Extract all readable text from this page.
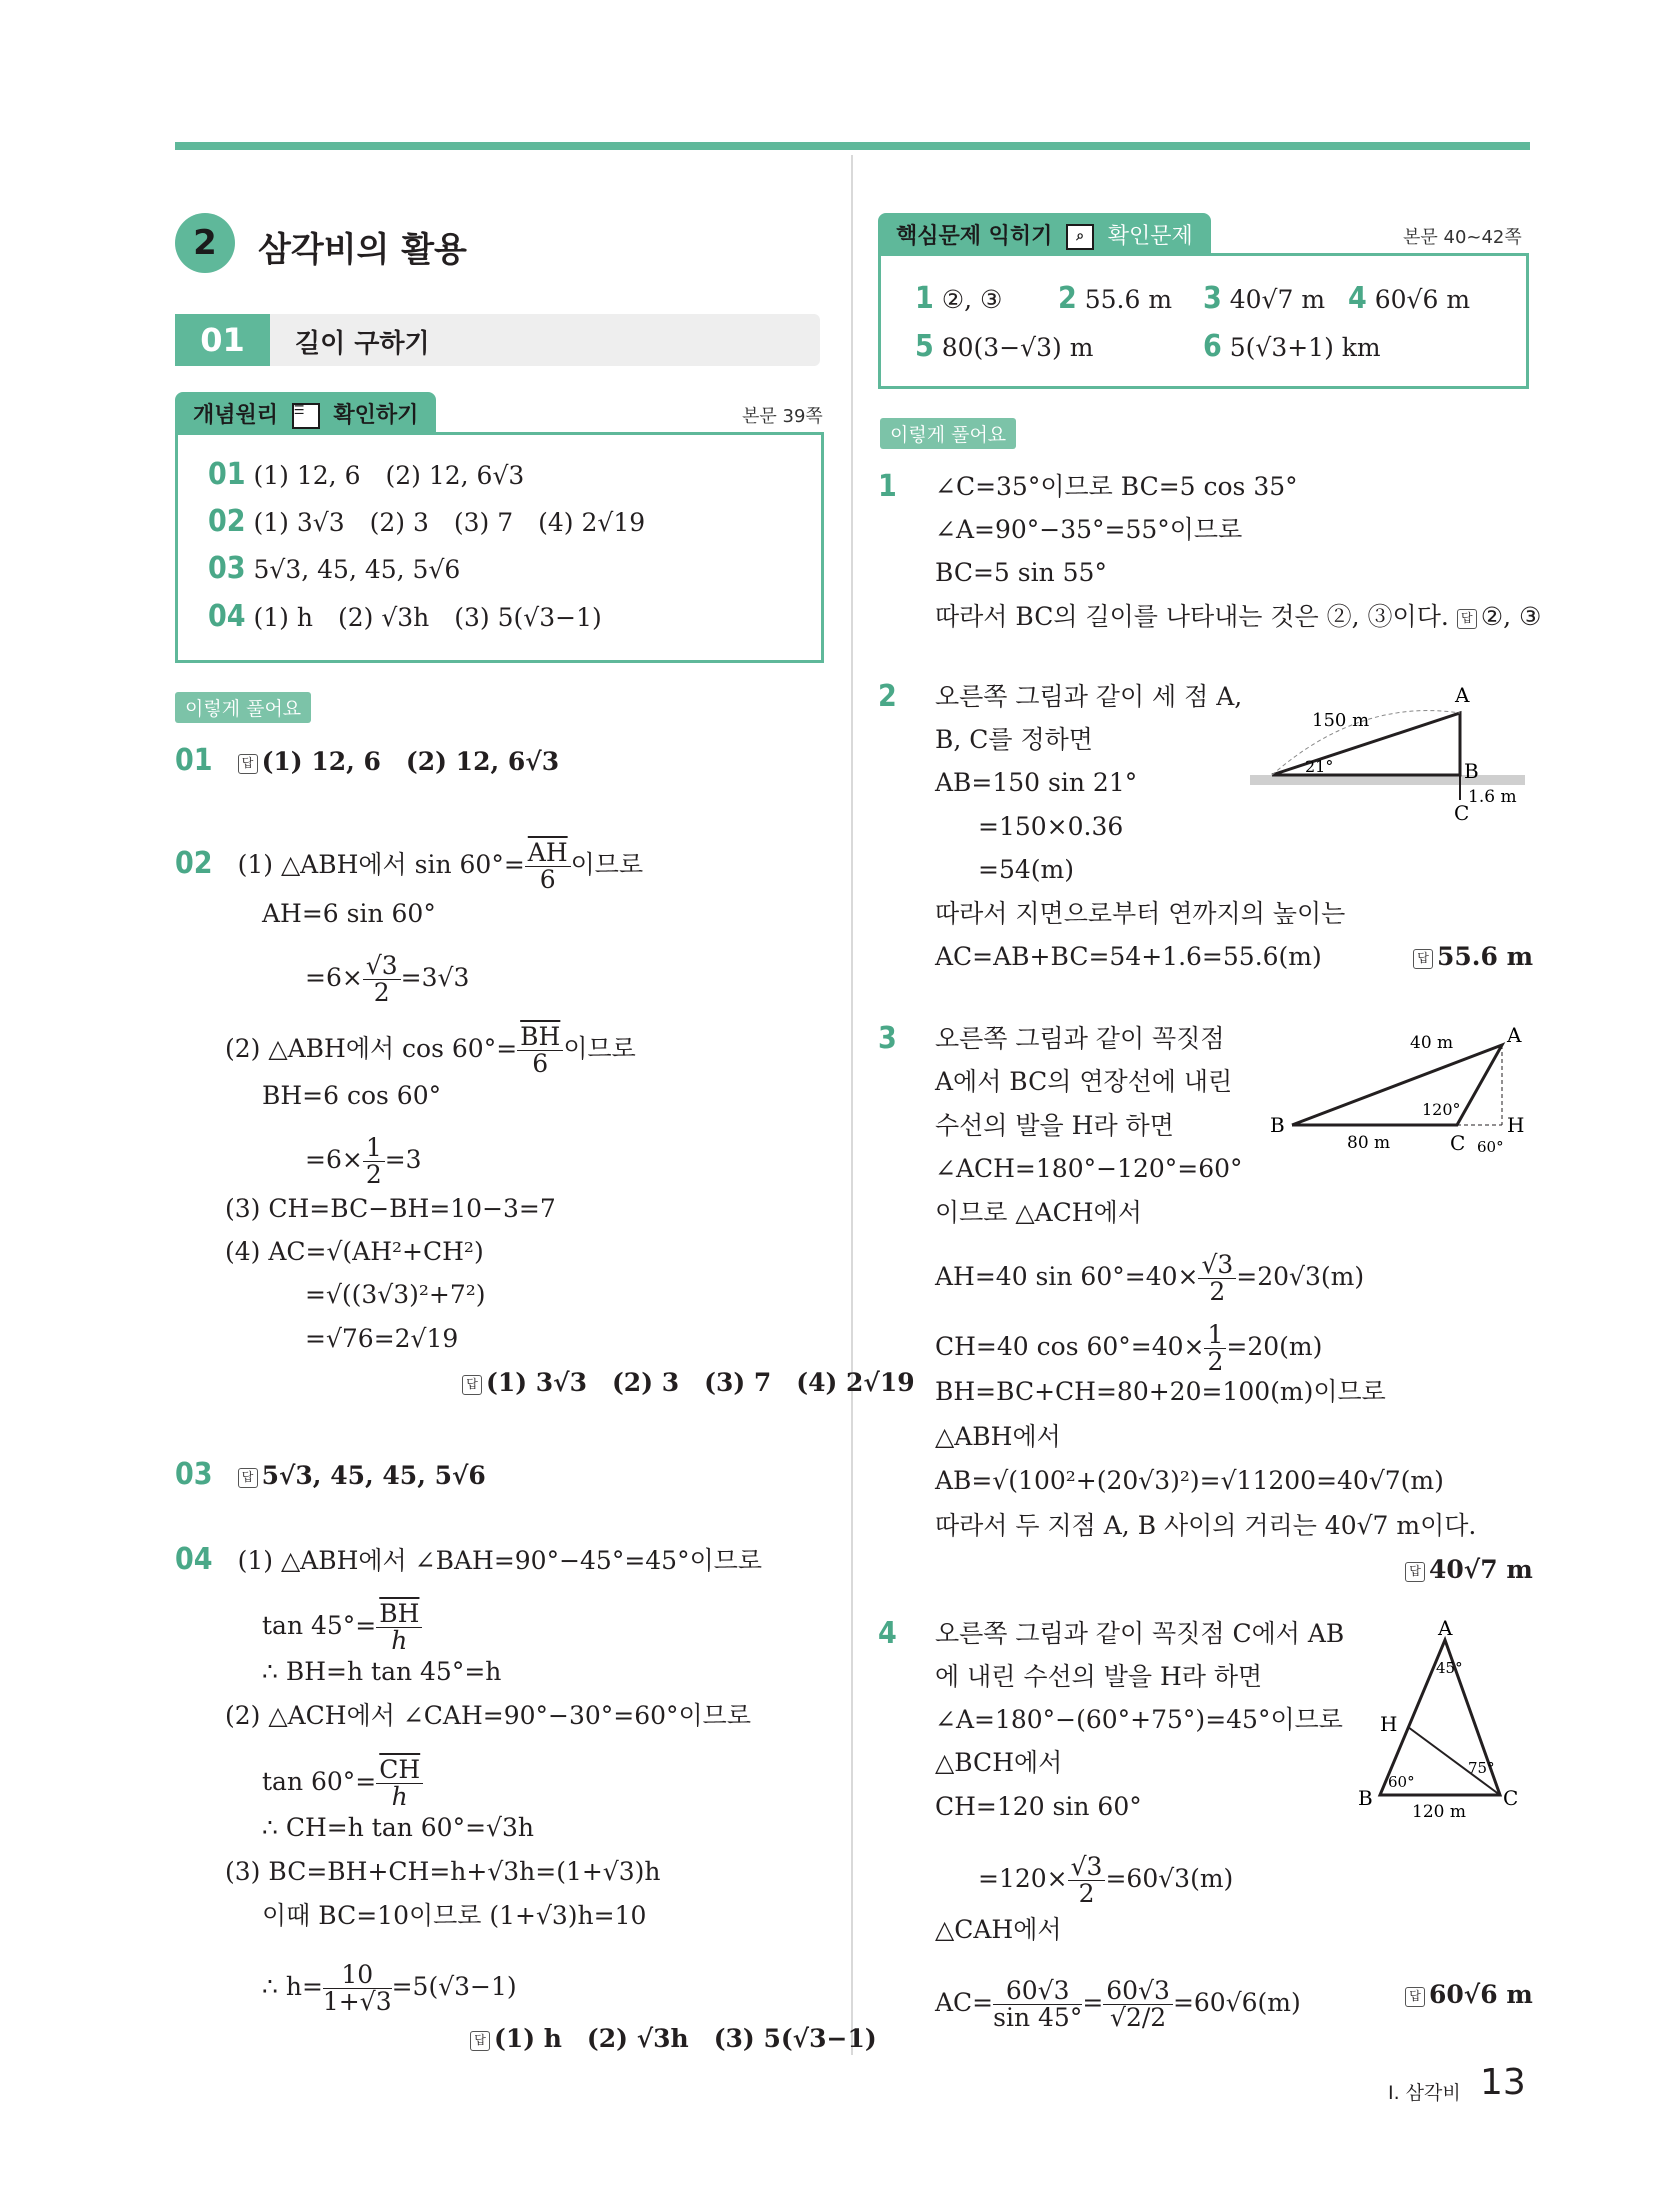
2	삼각비의 활용
01	길이 구하기
개념원리 ☰ 확인하기	본문 39쪽
01 (1) 12, 6　(2) 12, 6√3
02 (1) 3√3　(2) 3　(3) 7　(4) 2√19
03 5√3, 45, 45, 5√6
04 (1) h　(2) √3h　(3) 5(√3−1)
이렇게 풀어요
01　 답 (1) 12, 6　(2) 12, 6√3
02　 (1) △ABH에서 $\sin 60^\circ= \frac{\overline{AH}}{6}$ 이므로
AH=6 sin 60°
$=6\times \frac{√3}{2} =3√3$
(2) △ABH에서 $\cos 60^\circ= \frac{\overline{BH}}{6}$ 이므로
BH=6 cos 60°
$=6\times \frac{1}{2} =3$
(3) CH=BC−BH=10−3=7
(4) AC=√(AH²+CH²)
=√((3√3)²+7²)
=√76=2√19
답 (1) 3√3　(2) 3　(3) 7　(4) 2√19
03　 답 5√3, 45, 45, 5√6
04　 (1) △ABH에서 ∠BAH=90°−45°=45°이므로
$\tan 45^\circ= \frac{\overline{BH}}{h}$
∴ BH=h tan 45°=h
(2) △ACH에서 ∠CAH=90°−30°=60°이므로
$\tan 60^\circ= \frac{\overline{CH}}{h}$
∴ CH=h tan 60°=√3h
(3) BC=BH+CH=h+√3h=(1+√3)h
이때 BC=10이므로 (1+√3)h=10
∴ $h= \frac{10}{1+√3} =5(√3-1)$
답 (1) h　(2) √3h　(3) 5(√3−1)
핵심문제 익히기 ⌕ 확인문제	본문 40~42쪽
1 ②, ③ 2 55.6 m 3 40√7 m 4 60√6 m
5 80(3−√3) m	6 5(√3+1) km
이렇게 풀어요
1 ∠C=35°이므로 BC=5 cos 35°
∠A=90°−35°=55°이므로
BC=5 sin 55°
따라서 BC의 길이를 나타내는 것은 ②, ③이다. 답 ②, ③
2 오른쪽 그림과 같이 세 점 A,
B, C를 정하면
AB=150 sin 21°
=150×0.36
=54(m)
따라서 지면으로부터 연까지의 높이는
AC=AB+BC=54+1.6=55.6(m)	답 55.6 m
A
B
C
150 m
21°
1.6 m
3 오른쪽 그림과 같이 꼭짓점
A에서 BC의 연장선에 내린
수선의 발을 H라 하면
∠ACH=180°−120°=60°
이므로 △ACH에서
AH=40 $\sin 60^\circ=40\times \frac{√3}{2} =20√3(m)$
CH=40 $\cos 60^\circ=40\times \frac{1}{2} =20(m)$
BH=BC+CH=80+20=100(m)이므로
△ABH에서
AB=√(100²+(20√3)²)=√11200=40√7(m)
따라서 두 지점 A, B 사이의 거리는 40√7 m이다.
답 40√7 m
B
C
A
H
40 m
80 m
120°
60°
4 오른쪽 그림과 같이 꼭짓점 C에서 AB
에 내린 수선의 발을 H라 하면
∠A=180°−(60°+75°)=45°이므로
△BCH에서
CH=120 sin 60°
$=120\times \frac{√3}{2} =60√3(m)$
△CAH에서
$AC= \frac{60√3}{\sin 45^\circ} = \frac{60√3}{√2/2} =60√6(m)$	답 60√6 m
A
B	C
H
45°
60°
75°
120 m
I. 삼각비 13
